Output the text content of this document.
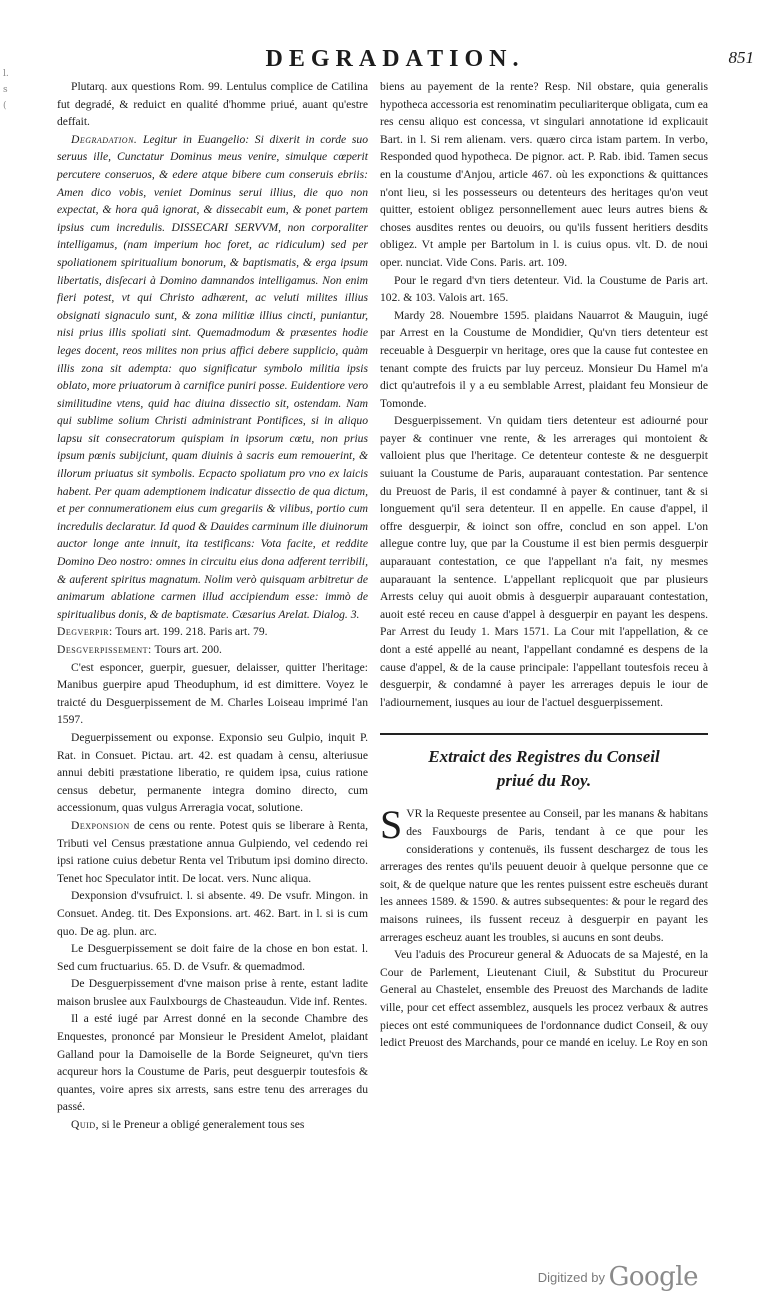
DEGRADATION.	851
l.
s
(

Plutarq. aux questions Rom. 99. Lentulus complice de Catilina fut degradé, & reduict en qualité d'homme priué, auant qu'estre deffait.

Degradation. Legitur in Euangelio: Si dixerit in corde suo seruus ille, Cunctatur Dominus meus venire, simulque cœperit percutere conseruos, & edere atque bibere cum conseruis ebriis: Amen dico vobis, veniet Dominus serui illius, die quo non expectat, & hora quâ ignorat, & dissecabit eum, & ponet partem ipsius cum incredulis. DISSECARI SERVVM, non corporaliter intelligamus, (nam imperium hoc foret, ac ridiculum) sed per spoliationem spiritualium bonorum, & baptismatis, & erga ipsum libertatis, disſecari à Domino damnandos intelligamus. Non enim fieri potest, vt qui Christo adhærent, ac veluti milites illius obsignati signaculo sunt, & zona militiæ illius cincti, puniantur, nisi prius illis spoliati sint. Quemadmodum & præsentes hodie leges docent, reos milites non prius affici debere supplicio, quàm illis zona sit adempta: quo significatur symbolo militia ipsis oblato, more priuatorum à carnifice puniri posse. Euidentiore vero similitudine vtens, quid hac diuina dissectio sit, ostendam. Nam qui sublime solium Christi administrant Pontifices, si in aliquo lapsu sit consecratorum quispiam in ipsorum cœtu, non prius ipsum pœnis subijciunt, quam diuinis à sacris eum remouerint, & illorum priuatus sit symbolis. Ecpacto spoliatum pro vno ex laicis habent. Per quam ademptionem indicatur dissectio de qua dictum, et per connumerationem eius cum gregariis & vilibus, portio cum incredulis declaratur. Id quod & Dauides carminum ille diuinorum auctor longe ante innuit, ita testificans: Vota facite, et reddite Domino Deo nostro: omnes in circuitu eius dona adferent terribili, & auferent spiritus magnatum. Nolim verò quisquam arbitretur de animarum ablatione carmen illud accipiendum esse: immò de spiritualibus donis, & de baptismate. Cæsarius Arelat. Dialog. 3.

Degverpir: Tours art. 199. 218. Paris art. 79.

Desgverpissement: Tours art. 200.

C'est esponcer, guerpir, guesuer, delaisser, quitter l'heritage: Manibus guerpire apud Theoduphum, id est dimittere. Voyez le traicté du Desguerpissement de M. Charles Loiseau imprimé l'an 1597.

Deguerpissement ou exponse. Exponsio seu Gulpio, inquit P. Rat. in Consuet. Pictau. art. 42. est quadam à censu, alteriusue annui debiti præstatione liberatio, re quidem ipsa, cuius ratione census debetur, permanente integra domino directo, cum accessionum, quas vulgus Arreragia vocat, solutione.

Dexponsion de cens ou rente. Potest quis se liberare à Renta, Tributi vel Census præstatione annua Gulpiendo, vel cedendo rei ipsi ratione cuius debetur Renta vel Tributum ipsi domino directo. Tenet hoc Speculator intit. De locat. vers. Nunc aliqua.

Dexponsion d'vsufruict. l. si absente. 49. De vsufr. Mingon. in Consuet. Andeg. tit. Des Exponsions. art. 462. Bart. in l. si is cum quo. De ag. plun. arc.

Le Desguerpissement se doit faire de la chose en bon estat. l. Sed cum fructuarius. 65. D. de Vsufr. & quemadmod.

De Desguerpissement d'vne maison prise à rente, estant ladite maison bruslee aux Faulxbourgs de Chasteaudun. Vide inf. Rentes.

Il a esté iugé par Arrest donné en la seconde Chambre des Enquestes, prononcé par Monsieur le President Amelot, plaidant Galland pour la Damoiselle de la Borde Seigneuret, qu'vn tiers acqureur hors la Coustume de Paris, peut desguerpir toutesfois & quantes, voire apres six arrests, sans estre tenu des arrerages du passé.

Quid, si le Preneur a obligé generalement tous ses

biens au payement de la rente? Resp. Nil obstare, quia generalis hypotheca accessoria est renominatim peculiariterque obligata, cum ea res censu aliquo est concessa, vt singulari annotatione id explicauit Bart. in l. Si rem alienam. vers. quæro circa istam partem. In verbo, Responded quod hypotheca. De pignor. act. P. Rab. ibid. Tamen secus en la coustume d'Anjou, article 467. où les exponctions & quittances n'ont lieu, si les possesseurs ou detenteurs des heritages qu'on veut quitter, estoient obligez personnellement auec leurs autres biens & choses ausdites rentes ou deuoirs, ou qu'ils fussent heritiers desdits obligez. Vt ample per Bartolum in l. is cuius opus. vlt. D. de noui oper. nunciat. Vide Cons. Paris. art. 109.

Pour le regard d'vn tiers detenteur. Vid. la Coustume de Paris art. 102. & 103. Valois art. 165.

Mardy 28. Nouembre 1595. plaidans Nauarrot & Mauguin, iugé par Arrest en la Coustume de Mondidier, Qu'vn tiers detenteur est receuable à Desguerpir vn heritage, ores que la cause fut contestee en tenant compte des fruicts par luy perceuz. Monsieur Du Hamel m'a dict qu'autrefois il y a eu semblable Arrest, plaidant feu Monsieur de Tomonde.

Desguerpissement. Vn quidam tiers detenteur est adiourné pour payer & continuer vne rente, & les arrerages qui montoient & valloient plus que l'heritage. Ce detenteur conteste & ne desguerpit suiuant la Coustume de Paris, auparauant contestation. Par sentence du Preuost de Paris, il est condamné à payer & continuer, tant & si longuement qu'il sera detenteur. Il en appelle. En cause d'appel, il offre desguerpir, & ioinct son offre, conclud en son appel. L'on allegue contre luy, que par la Coustume il est bien permis desguerpir auparauant contestation, ce que l'appellant n'a fait, ny mesmes auparauant la sentence. L'appellant replicquoit que par plusieurs Arrests celuy qui auoit obmis à desguerpir auparauant contestation, auoit esté receu en cause d'appel à desguerpir en payant les despens. Par Arrest du Ieudy 1. Mars 1571. La Cour mit l'appellation, & ce dont a esté appellé au neant, l'appellant condamné es despens de la cause d'appel, & de la cause principale: l'appellant toutesfois receu à desguerpir, & condamné à payer les arrerages depuis le iour de l'adiournement, iusques au iour de l'actuel desguerpissement.

Extraict des Registres du Conseil
priué du Roy.

SVR la Requeste presentee au Conseil, par les manans & habitans des Fauxbourgs de Paris, tendant à ce que pour les considerations y contenuës, ils fussent deschargez de tous les arrerages des rentes qu'ils peuuent deuoir à quelque personne que ce soit, & de quelque nature que les rentes puissent estre escheuës durant les annees 1589. & 1590. & autres subsequentes: & pour le regard des maisons ruinees, ils fussent receuz à desguerpir en payant les arrerages escheuz auant les troubles, si aucuns en sont deubs.

Veu l'aduis des Procureur general & Aduocats de sa Majesté, en la Cour de Parlement, Lieutenant Ciuil, & Substitut du Procureur General au Chastelet, ensemble des Preuost des Marchands de ladite ville, pour cet effect assemblez, ausquels les procez verbaux & autres pieces ont esté communiquees de l'ordonnance dudict Conseil, & ouy ledict Preuost des Marchands, pour ce mandé en iceluy. Le Roy en son

Digitized by Google
